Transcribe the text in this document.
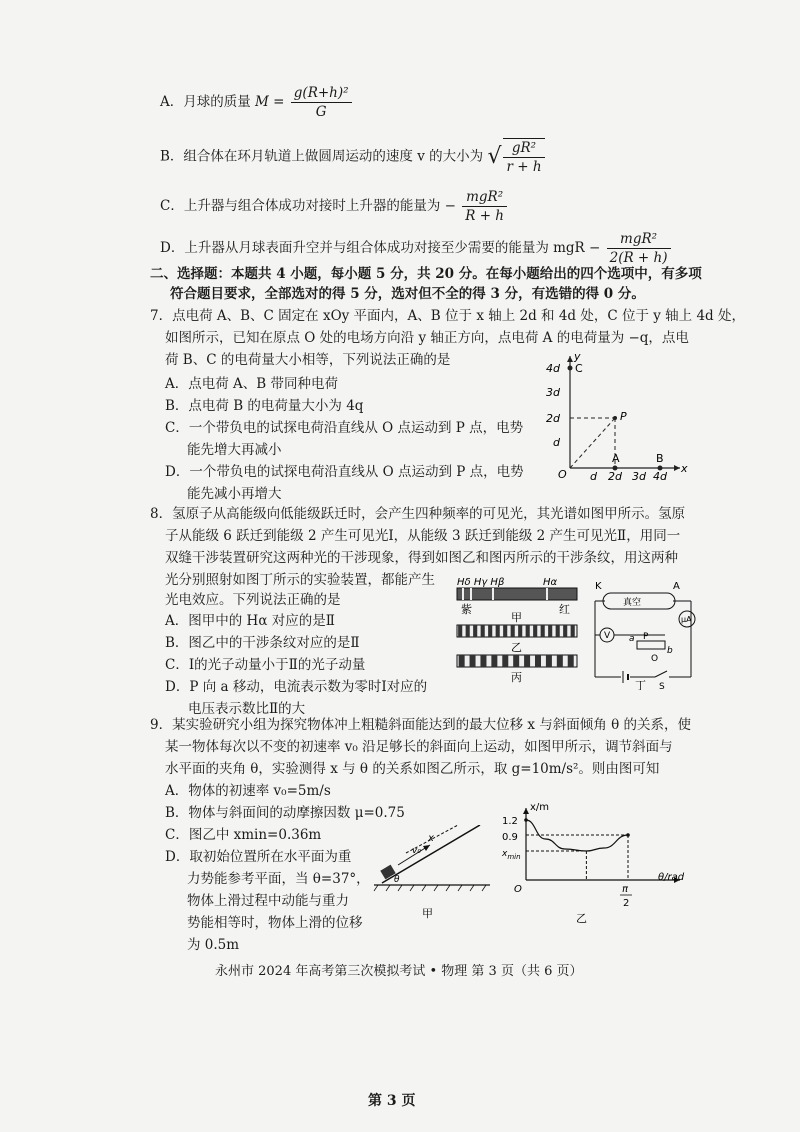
A．月球的质量 $M = \frac{\text{g(R+h)²}}{G}$
B．组合体在环月轨道上做圆周运动的速度 v 的大小为 √ $\frac{\text{gR²}}{r + h}$
C．上升器与组合体成功对接时上升器的能量为 − $\frac{\text{mgR²}}{R + h}$
D．上升器从月球表面升空并与组合体成功对接至少需要的能量为 mgR − $\frac{\text{mgR²}}{2(R + h)}$
二、选择题：本题共 4 小题，每小题 5 分，共 20 分。在每小题给出的四个选项中，有多项
符合题目要求，全部选对的得 5 分，选对但不全的得 3 分，有选错的得 0 分。
7．点电荷 A、B、C 固定在 xOy 平面内，A、B 位于 x 轴上 2d 和 4d 处，C 位于 y 轴上 4d 处，
如图所示，已知在原点 O 处的电场方向沿 y 轴正方向，点电荷 A 的电荷量为 −q，点电
荷 B、C 的电荷量大小相等，下列说法正确的是
A．点电荷 A、B 带同种电荷
B．点电荷 B 的电荷量大小为 4q
C．一个带负电的试探电荷沿直线从 O 点运动到 P 点，电势
能先增大再减小
D．一个带负电的试探电荷沿直线从 O 点运动到 P 点，电势
能先减小再增大
y
x
C
P
A	B
O
4d
3d
2d
d
d 2d 3d 4d
8．氢原子从高能级向低能级跃迁时，会产生四种频率的可见光，其光谱如图甲所示。氢原
子从能级 6 跃迁到能级 2 产生可见光Ⅰ，从能级 3 跃迁到能级 2 产生可见光Ⅱ，用同一
双缝干涉装置研究这两种光的干涉现象，得到如图乙和图丙所示的干涉条纹，用这两种
光分别照射如图丁所示的实验装置，都能产生
光电效应。下列说法正确的是
A．图甲中的 Hα 对应的是Ⅱ
B．图乙中的干涉条纹对应的是Ⅱ
C．Ⅰ的光子动量小于Ⅱ的光子动量
D．P 向 a 移动，电流表示数为零时Ⅰ对应的
电压表示数比Ⅱ的大
Hδ Hγ Hβ	Hα
紫	红
甲
乙
丙
真空
K	A
μA
V a P
b
O
S
丁
9．某实验研究小组为探究物体冲上粗糙斜面能达到的最大位移 x 与斜面倾角 θ 的关系，使
某一物体每次以不变的初速率 v₀ 沿足够长的斜面向上运动，如图甲所示，调节斜面与
水平面的夹角 θ，实验测得 x 与 θ 的关系如图乙所示，取 g=10m/s²。则由图可知
A．物体的初速率 v₀=5m/s
B．物体与斜面间的动摩擦因数 μ=0.75
C．图乙中 xmin=0.36m
D．取初始位置所在水平面为重
力势能参考平面，当 θ=37°，
物体上滑过程中动能与重力
势能相等时，物体上滑的位移
为 0.5m
x
v₀
θ
甲
x/m
1.2
0.9
$x_{min}$
O
θ/rad
π
2
乙
永州市 2024 年高考第三次模拟考试 • 物理 第 3 页（共 6 页）
第 3 页
